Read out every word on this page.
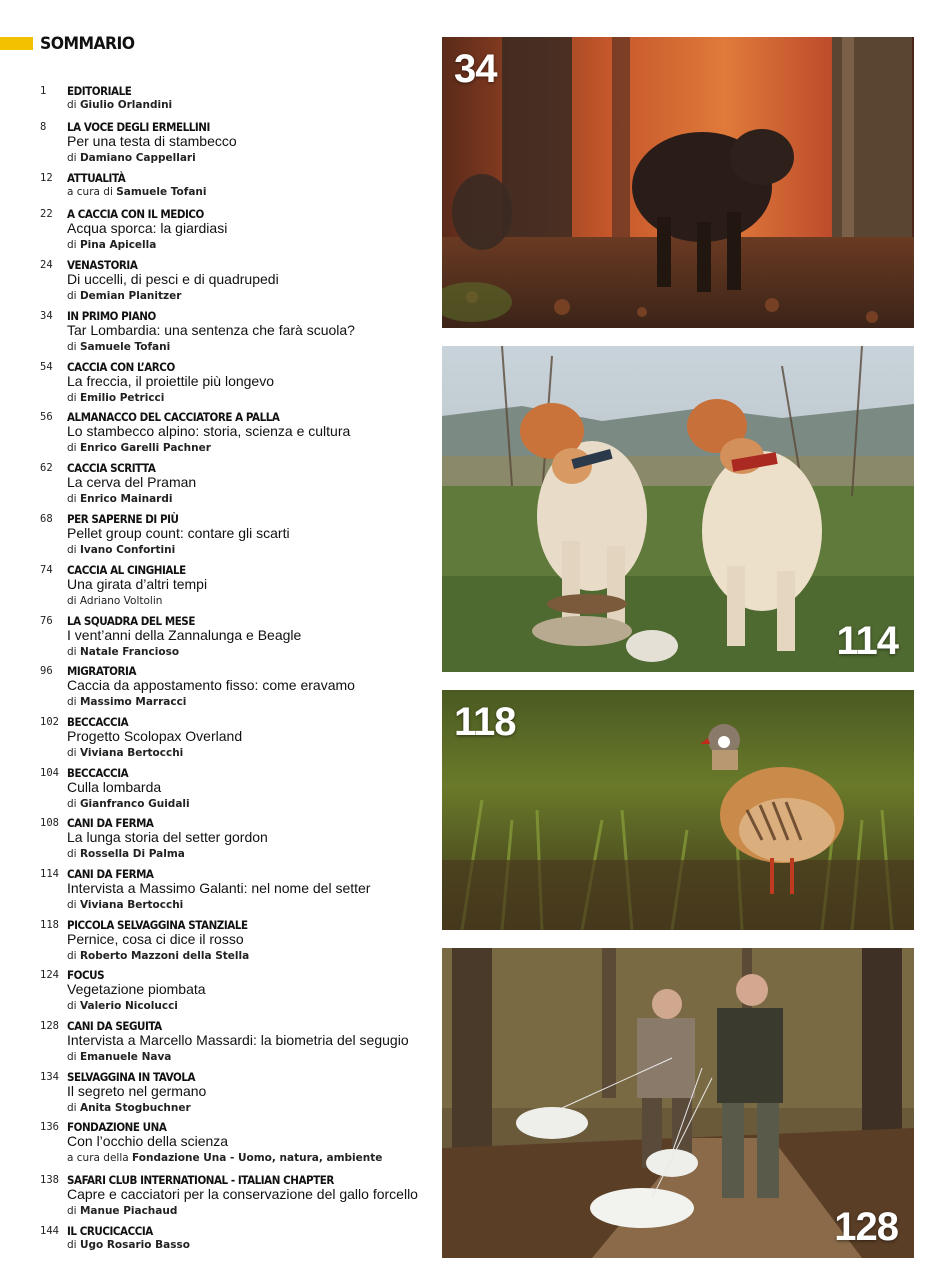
SOMMARIO
1	EDITORIALE
di Giulio Orlandini
8	LA VOCE DEGLI ERMELLINI
Per una testa di stambecco
di Damiano Cappellari
12	ATTUALITÀ
a cura di Samuele Tofani
22	A CACCIA CON IL MEDICO
Acqua sporca: la giardiasi
di Pina Apicella
24	VENASTORIA
Di uccelli, di pesci e di quadrupedi
di Demian Planitzer
34	IN PRIMO PIANO
Tar Lombardia: una sentenza che farà scuola?
di Samuele Tofani
54	CACCIA CON L’ARCO
La freccia, il proiettile più longevo
di Emilio Petricci
56	ALMANACCO DEL CACCIATORE A PALLA
Lo stambecco alpino: storia, scienza e cultura
di Enrico Garelli Pachner
62	CACCIA SCRITTA
La cerva del Praman
di Enrico Mainardi
68	PER SAPERNE DI PIÙ
Pellet group count: contare gli scarti
di Ivano Confortini
74	CACCIA AL CINGHIALE
Una girata d’altri tempi
di Adriano Voltolin
76	LA SQUADRA DEL MESE
I vent’anni della Zannalunga e Beagle
di Natale Francioso
96	MIGRATORIA
Caccia da appostamento fisso: come eravamo
di Massimo Marracci
102 BECCACCIA
Progetto Scolopax Overland
di Viviana Bertocchi
104 BECCACCIA
Culla lombarda
di Gianfranco Guidali
108 CANI DA FERMA
La lunga storia del setter gordon
di Rossella Di Palma
114 CANI DA FERMA
Intervista a Massimo Galanti: nel nome del setter
di Viviana Bertocchi
118 PICCOLA SELVAGGINA STANZIALE
Pernice, cosa ci dice il rosso
di Roberto Mazzoni della Stella
124 FOCUS
Vegetazione piombata
di Valerio Nicolucci
128 CANI DA SEGUITA
Intervista a Marcello Massardi: la biometria del segugio
di Emanuele Nava
134 SELVAGGINA IN TAVOLA
Il segreto nel germano
di Anita Stogbuchner
136 FONDAZIONE UNA
Con l’occhio della scienza
a cura della Fondazione Una - Uomo, natura, ambiente
138 SAFARI CLUB INTERNATIONAL - ITALIAN CHAPTER
Capre e cacciatori per la conservazione del gallo forcello
di Manue Piachaud
144 IL CRUCICACCIA
di Ugo Rosario Basso
34
114
118
128
